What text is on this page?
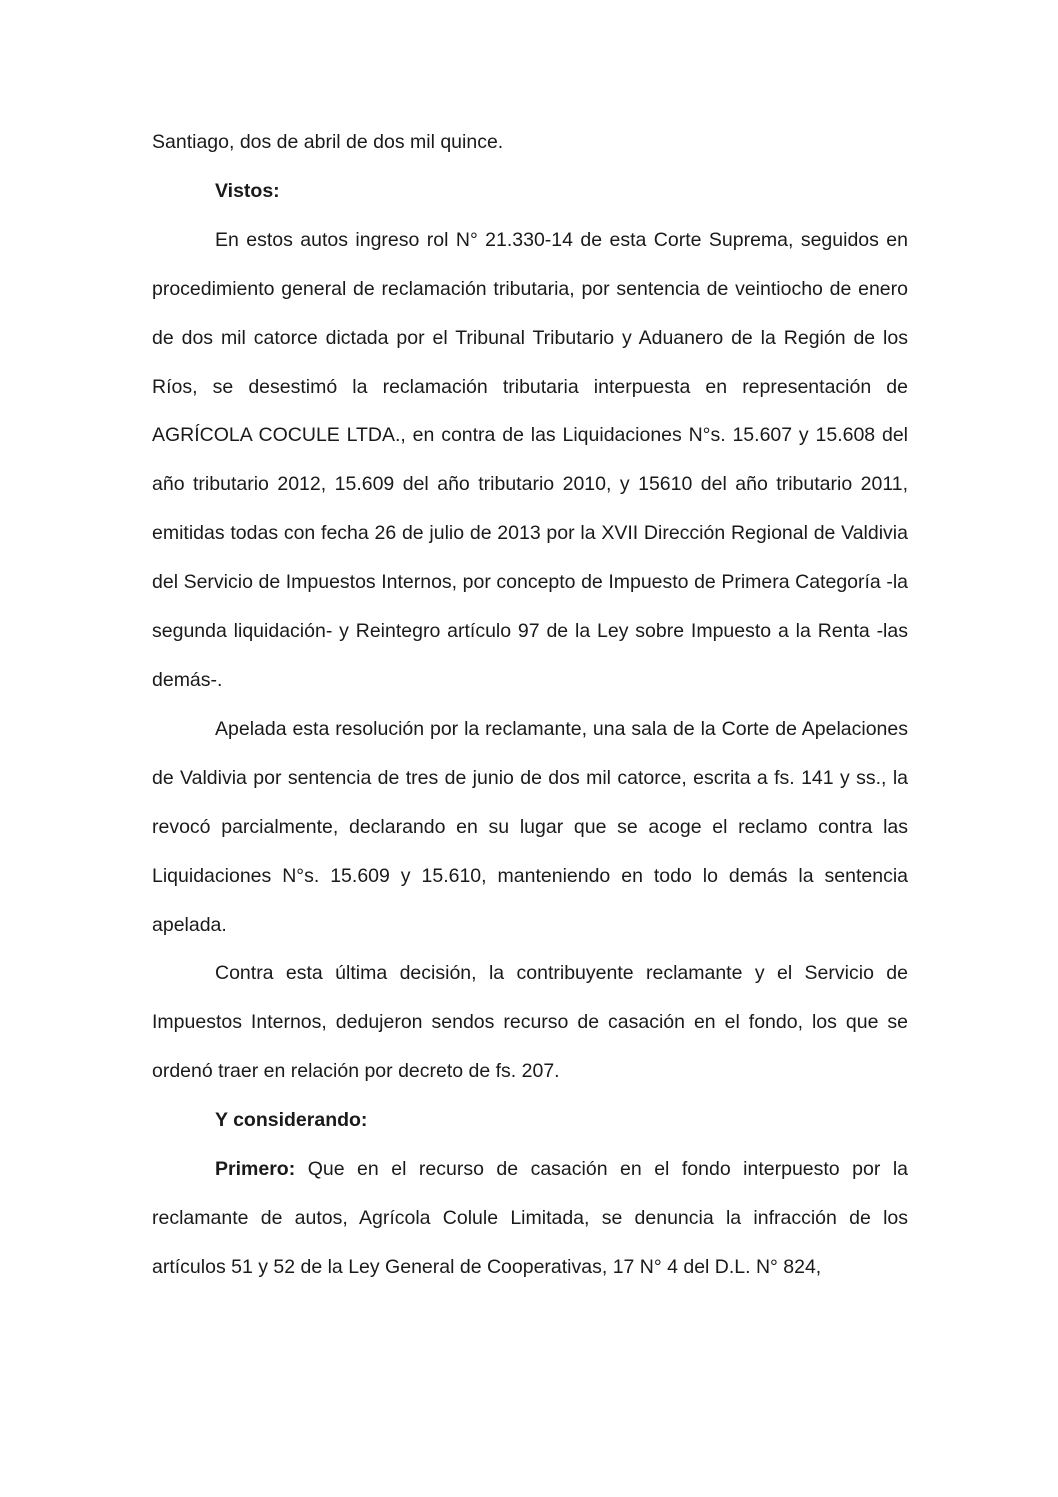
Santiago, dos de abril de dos mil quince.

Vistos:

En estos autos ingreso rol N° 21.330-14 de esta Corte Suprema, seguidos en procedimiento general de reclamación tributaria, por sentencia de veintiocho de enero de dos mil catorce dictada por el Tribunal Tributario y Aduanero de la Región de los Ríos, se desestimó la reclamación tributaria interpuesta en representación de AGRÍCOLA COCULE LTDA., en contra de las Liquidaciones N°s. 15.607 y 15.608 del año tributario 2012, 15.609 del año tributario 2010, y 15610 del año tributario 2011, emitidas todas con fecha 26 de julio de 2013 por la XVII Dirección Regional de Valdivia del Servicio de Impuestos Internos, por concepto de Impuesto de Primera Categoría -la segunda liquidación- y Reintegro artículo 97 de la Ley sobre Impuesto a la Renta -las demás-.

Apelada esta resolución por la reclamante, una sala de la Corte de Apelaciones de Valdivia por sentencia de tres de junio de dos mil catorce, escrita a fs. 141 y ss., la revocó parcialmente, declarando en su lugar que se acoge el reclamo contra las Liquidaciones N°s. 15.609 y 15.610, manteniendo en todo lo demás la sentencia apelada.

Contra esta última decisión, la contribuyente reclamante y el Servicio de Impuestos Internos, dedujeron sendos recurso de casación en el fondo, los que se ordenó traer en relación por decreto de fs. 207.

Y considerando:

Primero: Que en el recurso de casación en el fondo interpuesto por la reclamante de autos, Agrícola Colule Limitada, se denuncia la infracción de los artículos 51 y 52 de la Ley General de Cooperativas, 17 N° 4 del D.L. N° 824,
